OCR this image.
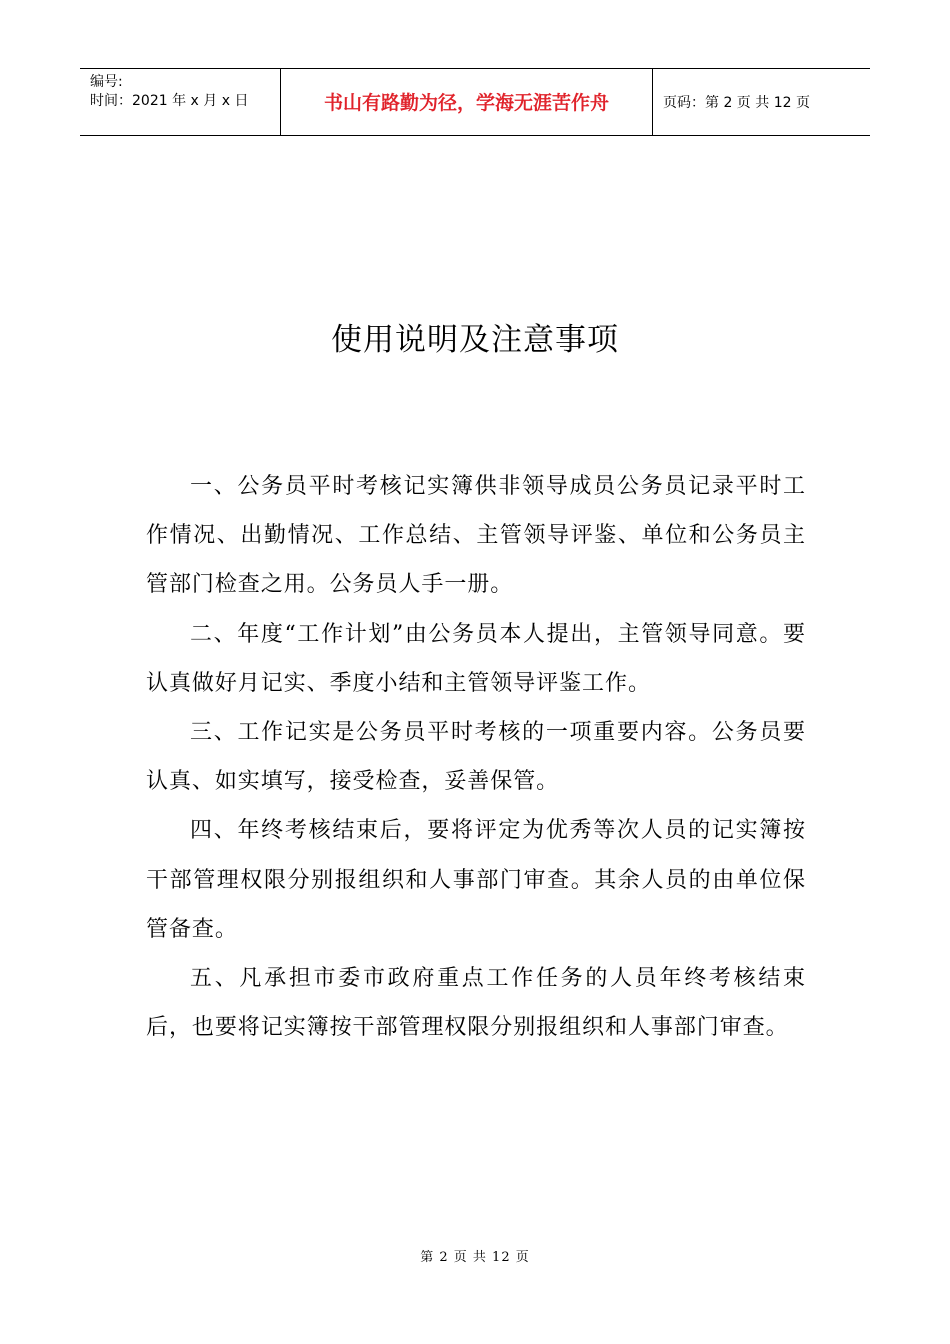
编号:
时间：2021 年 x 月 x 日	书山有路勤为径，学海无涯苦作舟	页码：第 2 页 共 12 页
使用说明及注意事项

一、公务员平时考核记实簿供非领导成员公务员记录平时工作情况、出勤情况、工作总结、主管领导评鉴、单位和公务员主管部门检查之用。公务员人手一册。

二、年度“工作计划”由公务员本人提出，主管领导同意。要认真做好月记实、季度小结和主管领导评鉴工作。

三、工作记实是公务员平时考核的一项重要内容。公务员要认真、如实填写，接受检查，妥善保管。

四、年终考核结束后，要将评定为优秀等次人员的记实簿按干部管理权限分别报组织和人事部门审查。其余人员的由单位保管备查。

五、凡承担市委市政府重点工作任务的人员年终考核结束后，也要将记实簿按干部管理权限分别报组织和人事部门审查。

第 2 页 共 12 页
